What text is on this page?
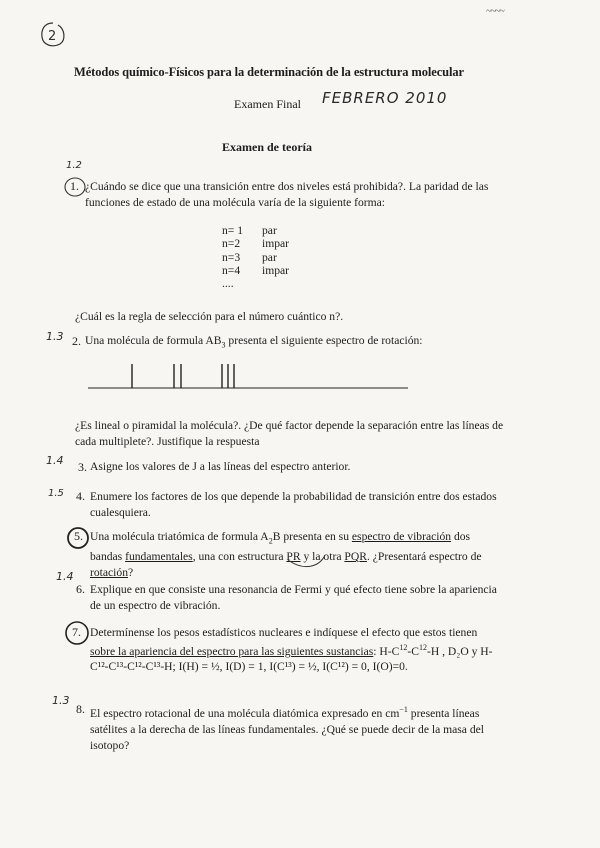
~~~~
2
Métodos químico-Físicos para la determinación de la estructura molecular
Examen Final FEBRERO 2010
Examen de teoría
1.2
1.3
1.4
1.5
1.4
1.3
1. ¿Cuándo se dice que una transición entre dos niveles está prohibida?. La paridad de las funciones de estado de una molécula varía de la siguiente forma:
n= 1	par
n=2	impar
n=3	par
n=4	impar
....
¿Cuál es la regla de selección para el número cuántico n?.
2. Una molécula de formula $AB_3$ presenta el siguiente espectro de rotación:
¿Es lineal o piramidal la molécula?. ¿De qué factor depende la separación entre las líneas de cada multiplete?. Justifique la respuesta
3. Asigne los valores de J a las líneas del espectro anterior.
4. Enumere los factores de los que depende la probabilidad de transición entre dos estados cualesquiera.
5. Una molécula triatómica de formula $A_2B$ presenta en su espectro de vibración dos bandas fundamentales, una con estructura PR y la otra PQR. ¿Presentará espectro de rotación?
6. Explique en que consiste una resonancia de Fermi y qué efecto tiene sobre la apariencia de un espectro de vibración.
7. Determínense los pesos estadísticos nucleares e indíquese el efecto que estos tienen sobre la apariencia del espectro para las siguientes sustancias: $H-C^{12}-C^{12}-H$ , D₂O y H-C¹²-C¹³-C¹²-C¹³-H; I(H) = ½, I(D) = 1, I(C¹³) = ½, I(C¹²) = 0, I(O)=0.
8. El espectro rotacional de una molécula diatómica expresado en $cm^{-1}$ presenta líneas satélites a la derecha de las líneas fundamentales. ¿Qué se puede decir de la masa del isotopo?
